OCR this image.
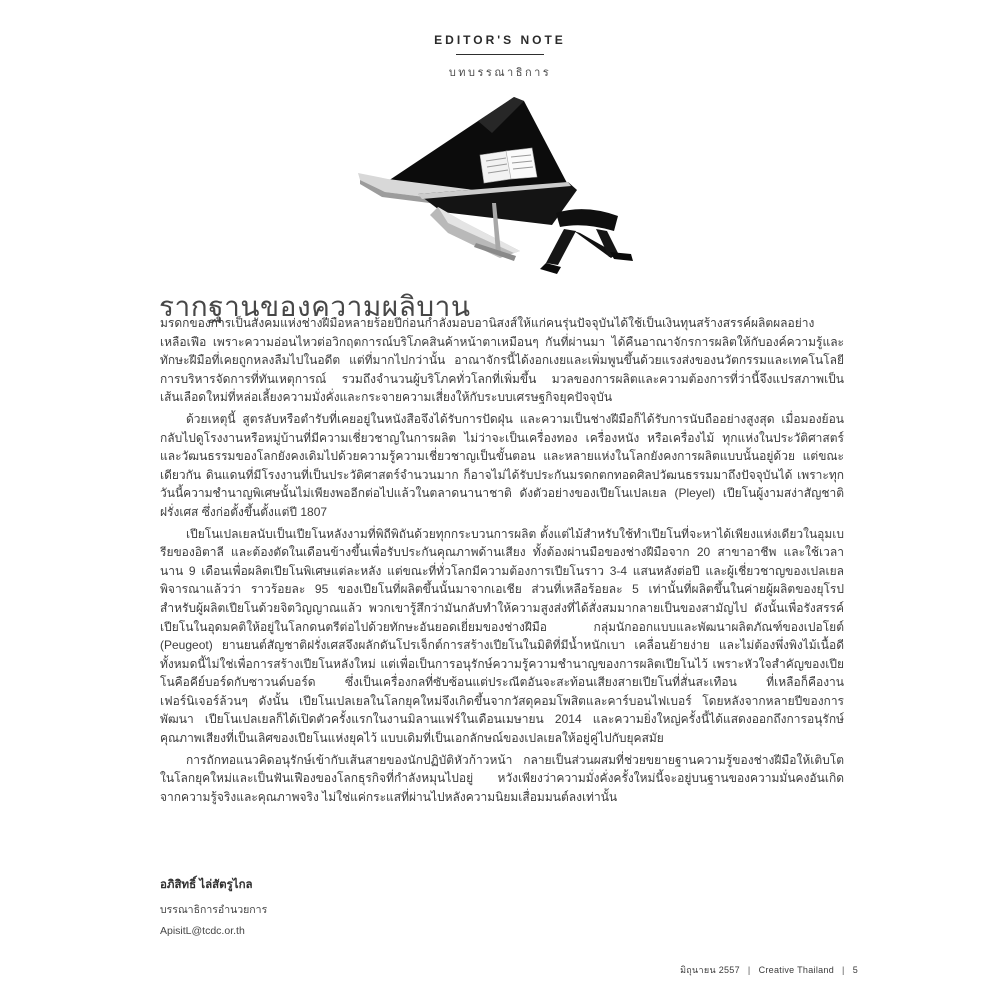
EDITOR'S NOTE
บทบรรณาธิการ
รากฐานของความผลิบาน

มรดกของการเป็นสังคมแห่งช่างฝีมือหลายร้อยปีก่อนกำลังมอบอานิสงส์ให้แก่คนรุ่นปัจจุบันได้ใช้เป็นเงินทุนสร้างสรรค์ผลิตผลอย่างเหลือเฟือ เพราะความอ่อนไหวต่อวิกฤตการณ์บริโภคสินค้าหน้าตาเหมือนๆ กันที่ผ่านมา ได้คืนอาณาจักรการผลิตให้กับองค์ความรู้และทักษะฝีมือที่เคยถูกหลงลืมไปในอดีต แต่ที่มากไปกว่านั้น อาณาจักรนี้ได้งอกเงยและเพิ่มพูนขึ้นด้วยแรงส่งของนวัตกรรมและเทคโนโลยี การบริหารจัดการที่ทันเหตุการณ์ รวมถึงจำนวนผู้บริโภคทั่วโลกที่เพิ่มขึ้น มวลของการผลิตและความต้องการที่ว่านี้จึงแปรสภาพเป็นเส้นเลือดใหม่ที่หล่อเลี้ยงความมั่งคั่งและกระจายความเสี่ยงให้กับระบบเศรษฐกิจยุคปัจจุบัน

ด้วยเหตุนี้ สูตรลับหรือตำรับที่เคยอยู่ในหนังสือจึงได้รับการปัดฝุ่น และความเป็นช่างฝีมือก็ได้รับการนับถืออย่างสูงสุด เมื่อมองย้อนกลับไปดูโรงงานหรือหมู่บ้านที่มีความเชี่ยวชาญในการผลิต ไม่ว่าจะเป็นเครื่องทอง เครื่องหนัง หรือเครื่องไม้ ทุกแห่งในประวัติศาสตร์และวัฒนธรรมของโลกยังคงเดิมไปด้วยความรู้ความเชี่ยวชาญเป็นขั้นตอน และหลายแห่งในโลกยังคงการผลิตแบบนั้นอยู่ด้วย แต่ขณะเดียวกัน ดินแดนที่มีโรงงานที่เป็นประวัติศาสตร์จำนวนมาก ก็อาจไม่ได้รับประกันมรดกตกทอดศิลปวัฒนธรรมมาถึงปัจจุบันได้ เพราะทุกวันนี้ความชำนาญพิเศษนั้นไม่เพียงพออีกต่อไปแล้วในตลาดนานาชาติ ดังตัวอย่างของเปียโนเปลเยล (Pleyel) เปียโนผู้งามสง่าสัญชาติฝรั่งเศส ซึ่งก่อตั้งขึ้นตั้งแต่ปี 1807

เปียโนเปลเยลนับเป็นเปียโนหลังงามที่พิถีพิถันด้วยทุกกระบวนการผลิต ตั้งแต่ไม้สำหรับใช้ทำเปียโนที่จะหาได้เพียงแห่งเดียวในอุมเบรียของอิตาลี และต้องตัดในเดือนข้างขึ้นเพื่อรับประกันคุณภาพด้านเสียง ทั้งต้องผ่านมือของช่างฝีมือจาก 20 สาขาอาชีพ และใช้เวลานาน 9 เดือนเพื่อผลิตเปียโนพิเศษแต่ละหลัง แต่ขณะที่ทั่วโลกมีความต้องการเปียโนราว 3-4 แสนหลังต่อปี และผู้เชี่ยวชาญของเปลเยลพิจารณาแล้วว่า ราวร้อยละ 95 ของเปียโนที่ผลิตขึ้นนั้นมาจากเอเชีย ส่วนที่เหลือร้อยละ 5 เท่านั้นที่ผลิตขึ้นในค่ายผู้ผลิตของยุโรป สำหรับผู้ผลิตเปียโนด้วยจิตวิญญาณแล้ว พวกเขารู้สึกว่ามันกลับทำให้ความสูงส่งที่ได้สั่งสมมากลายเป็นของสามัญไป ดังนั้นเพื่อรังสรรค์เปียโนในอุดมคติให้อยู่ในโลกดนตรีต่อไปด้วยทักษะอันยอดเยี่ยมของช่างฝีมือ กลุ่มนักออกแบบและพัฒนาผลิตภัณฑ์ของเปอโยต์ (Peugeot) ยานยนต์สัญชาติฝรั่งเศสจึงผลักดันโปรเจ็กต์การสร้างเปียโนในมิติที่มีน้ำหนักเบา เคลื่อนย้ายง่าย และไม่ต้องพึ่งพิงไม้เนื้อดี ทั้งหมดนี้ไม่ใช่เพื่อการสร้างเปียโนหลังใหม่ แต่เพื่อเป็นการอนุรักษ์ความรู้ความชำนาญของการผลิตเปียโนไว้ เพราะหัวใจสำคัญของเปียโนคือคีย์บอร์ดกับซาวนด์บอร์ด ซึ่งเป็นเครื่องกลที่ซับซ้อนแต่ประณีตอันจะสะท้อนเสียงสายเปียโนที่สั่นสะเทือน ที่เหลือก็คืองานเฟอร์นิเจอร์ล้วนๆ ดังนั้น เปียโนเปลเยลในโลกยุคใหม่จึงเกิดขึ้นจากวัสดุคอมโพสิตและคาร์บอนไฟเบอร์ โดยหลังจากหลายปีของการพัฒนา เปียโนเปลเยลก็ได้เปิดตัวครั้งแรกในงานมิลานแฟร์ในเดือนเมษายน 2014 และความยิ่งใหญ่ครั้งนี้ได้แสดงออกถึงการอนุรักษ์คุณภาพเสียงที่เป็นเลิศของเปียโนแห่งยุคไว้ แบบเดิมที่เป็นเอกลักษณ์ของเปลเยลให้อยู่คู่ไปกับยุคสมัย

การถักทอแนวคิดอนุรักษ์เข้ากับเส้นสายของนักปฏิบัติหัวก้าวหน้า กลายเป็นส่วนผสมที่ช่วยขยายฐานความรู้ของช่างฝีมือให้เติบโตในโลกยุคใหม่และเป็นฟันเฟืองของโลกธุรกิจที่กำลังหมุนไปอยู่ หวังเพียงว่าความมั่งคั่งครั้งใหม่นี้จะอยู่บนฐานของความมั่นคงอันเกิดจากความรู้จริงและคุณภาพจริง ไม่ใช่แค่กระแสที่ผ่านไปหลังความนิยมเสื่อมมนต์ลงเท่านั้น

อภิสิทธิ์ ไล่สัตรูไกล

บรรณาธิการอำนวยการ

ApisitL@tcdc.or.th

มิถุนายน 2557 | Creative Thailand | 5
